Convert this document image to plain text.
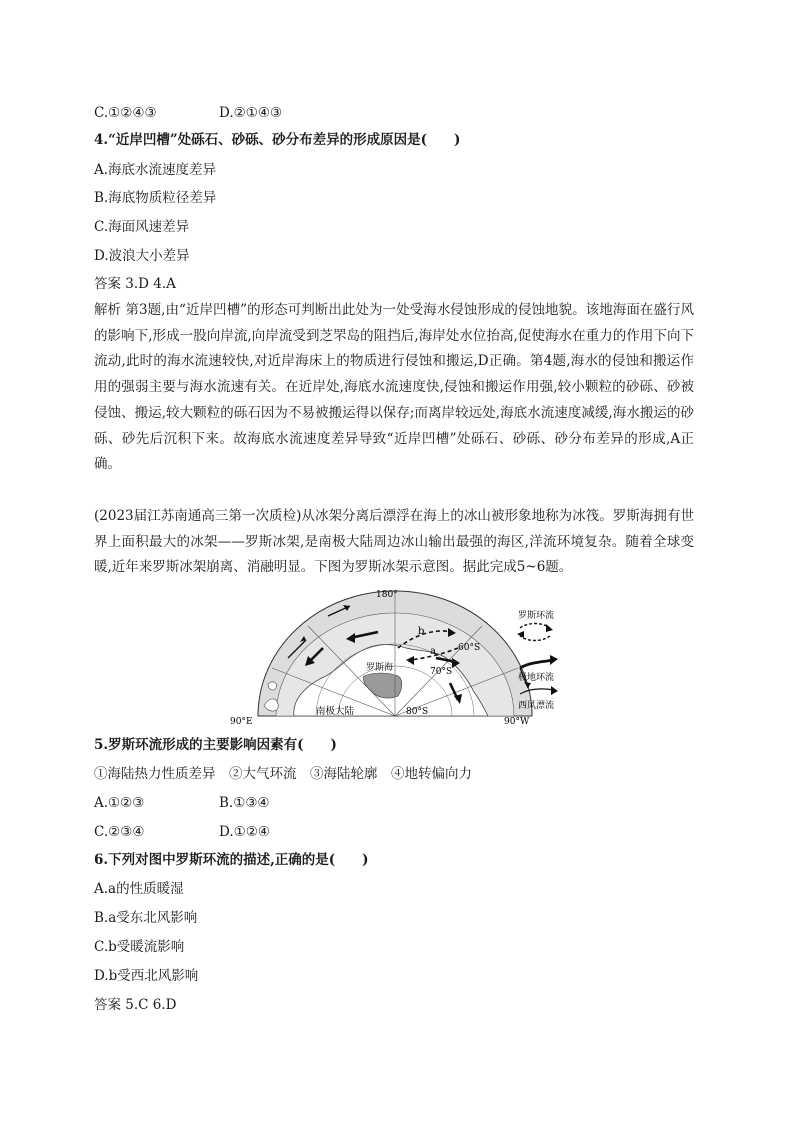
C.①②④③	D.②①④③
4.“近岸凹槽”处砾石、砂砾、砂分布差异的形成原因是(　　)
A.海底水流速度差异
B.海底物质粒径差异
C.海面风速差异
D.波浪大小差异
答案 3.D 4.A
解析 第3题,由“近岸凹槽”的形态可判断出此处为一处受海水侵蚀形成的侵蚀地貌。该地海面在盛行风的影响下,形成一股向岸流,向岸流受到芝罘岛的阻挡后,海岸处水位抬高,促使海水在重力的作用下向下流动,此时的海水流速较快,对近岸海床上的物质进行侵蚀和搬运,D正确。第4题,海水的侵蚀和搬运作用的强弱主要与海水流速有关。在近岸处,海底水流速度快,侵蚀和搬运作用强,较小颗粒的砂砾、砂被侵蚀、搬运,较大颗粒的砾石因为不易被搬运得以保存;而离岸较远处,海底水流速度减缓,海水搬运的砂砾、砂先后沉积下来。故海底水流速度差异导致“近岸凹槽”处砾石、砂砾、砂分布差异的形成,A正确。
(2023届江苏南通高三第一次质检)从冰架分离后漂浮在海上的冰山被形象地称为冰筏。罗斯海拥有世界上面积最大的冰架——罗斯冰架,是南极大陆周边冰山输出最强的海区,洋流环境复杂。随着全球变暖,近年来罗斯冰架崩离、消融明显。下图为罗斯冰架示意图。据此完成5~6题。
180°
60°S
70°S
80°S
90°E	90°W
a
b
罗斯海
南极大陆
罗斯环流
极地环流
西风漂流
5.罗斯环流形成的主要影响因素有(　　)
①海陆热力性质差异　②大气环流　③海陆轮廓　④地转偏向力
A.①②③	B.①③④
C.②③④	D.①②④
6.下列对图中罗斯环流的描述,正确的是(　　)
A.a的性质暖湿
B.a受东北风影响
C.b受暖流影响
D.b受西北风影响
答案 5.C 6.D
